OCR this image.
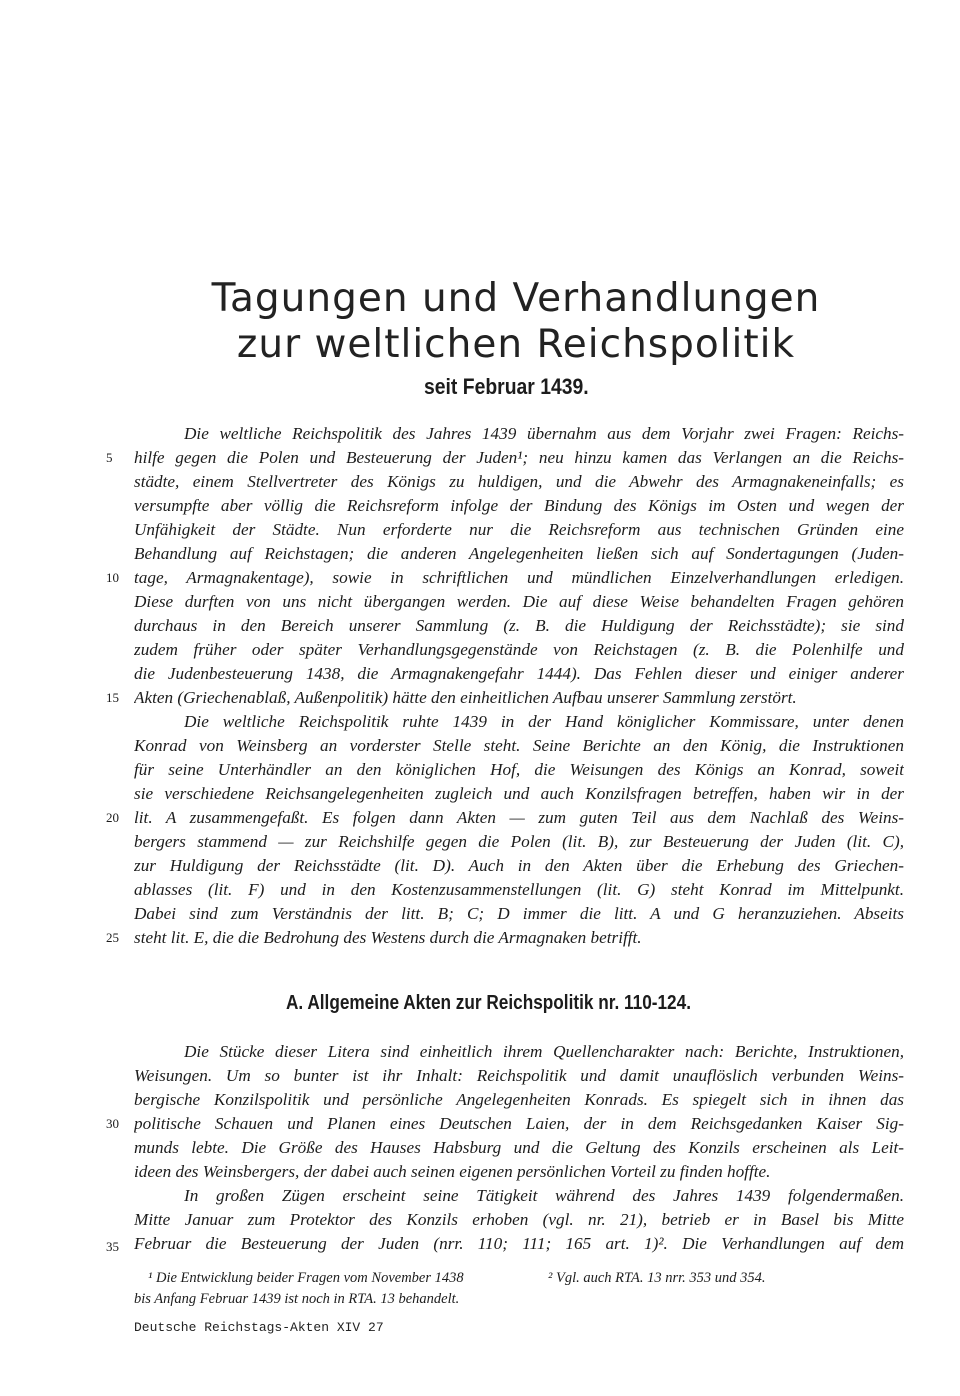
Tagungen und Verhandlungen
zur weltlichen Reichspolitik
seit Februar 1439.
Die weltliche Reichspolitik des Jahres 1439 übernahm aus dem Vorjahr zwei Fragen: Reichs-
hilfe gegen die Polen und Besteuerung der Juden¹; neu hinzu kamen das Verlangen an die Reichs-
städte, einem Stellvertreter des Königs zu huldigen, und die Abwehr des Armagnakeneinfalls; es
versumpfte aber völlig die Reichsreform infolge der Bindung des Königs im Osten und wegen der
Unfähigkeit der Städte. Nun erforderte nur die Reichsreform aus technischen Gründen eine
Behandlung auf Reichstagen; die anderen Angelegenheiten ließen sich auf Sondertagungen (Juden-
tage, Armagnakentage), sowie in schriftlichen und mündlichen Einzelverhandlungen erledigen.
Diese durften von uns nicht übergangen werden. Die auf diese Weise behandelten Fragen gehören
durchaus in den Bereich unserer Sammlung (z. B. die Huldigung der Reichsstädte); sie sind
zudem früher oder später Verhandlungsgegenstände von Reichstagen (z. B. die Polenhilfe und
die Judenbesteuerung 1438, die Armagnakengefahr 1444). Das Fehlen dieser und einiger anderer
Akten (Griechenablaß, Außenpolitik) hätte den einheitlichen Aufbau unserer Sammlung zerstört.
Die weltliche Reichspolitik ruhte 1439 in der Hand königlicher Kommissare, unter denen
Konrad von Weinsberg an vorderster Stelle steht. Seine Berichte an den König, die Instruktionen
für seine Unterhändler an den königlichen Hof, die Weisungen des Königs an Konrad, soweit
sie verschiedene Reichsangelegenheiten zugleich und auch Konzilsfragen betreffen, haben wir in der
lit. A zusammengefaßt. Es folgen dann Akten — zum guten Teil aus dem Nachlaß des Weins-
bergers stammend — zur Reichshilfe gegen die Polen (lit. B), zur Besteuerung der Juden (lit. C),
zur Huldigung der Reichsstädte (lit. D). Auch in den Akten über die Erhebung des Griechen-
ablasses (lit. F) und in den Kostenzusammenstellungen (lit. G) steht Konrad im Mittelpunkt.
Dabei sind zum Verständnis der litt. B; C; D immer die litt. A und G heranzuziehen. Abseits
steht lit. E, die die Bedrohung des Westens durch die Armagnaken betrifft.
5
10
15
20
25
A. Allgemeine Akten zur Reichspolitik nr. 110-124.
Die Stücke dieser Litera sind einheitlich ihrem Quellencharakter nach: Berichte, Instruktionen,
Weisungen. Um so bunter ist ihr Inhalt: Reichspolitik und damit unauflöslich verbunden Weins-
bergische Konzilspolitik und persönliche Angelegenheiten Konrads. Es spiegelt sich in ihnen das
politische Schauen und Planen eines Deutschen Laien, der in dem Reichsgedanken Kaiser Sig-
munds lebte. Die Größe des Hauses Habsburg und die Geltung des Konzils erscheinen als Leit-
ideen des Weinsbergers, der dabei auch seinen eigenen persönlichen Vorteil zu finden hoffte.
In großen Zügen erscheint seine Tätigkeit während des Jahres 1439 folgendermaßen.
Mitte Januar zum Protektor des Konzils erhoben (vgl. nr. 21), betrieb er in Basel bis Mitte
Februar die Besteuerung der Juden (nrr. 110; 111; 165 art. 1)². Die Verhandlungen auf dem
30
35
¹ Die Entwicklung beider Fragen vom November 1438
bis Anfang Februar 1439 ist noch in RTA. 13 behandelt.
² Vgl. auch RTA. 13 nrr. 353 und 354.
Deutsche Reichstags-Akten XIV 27
